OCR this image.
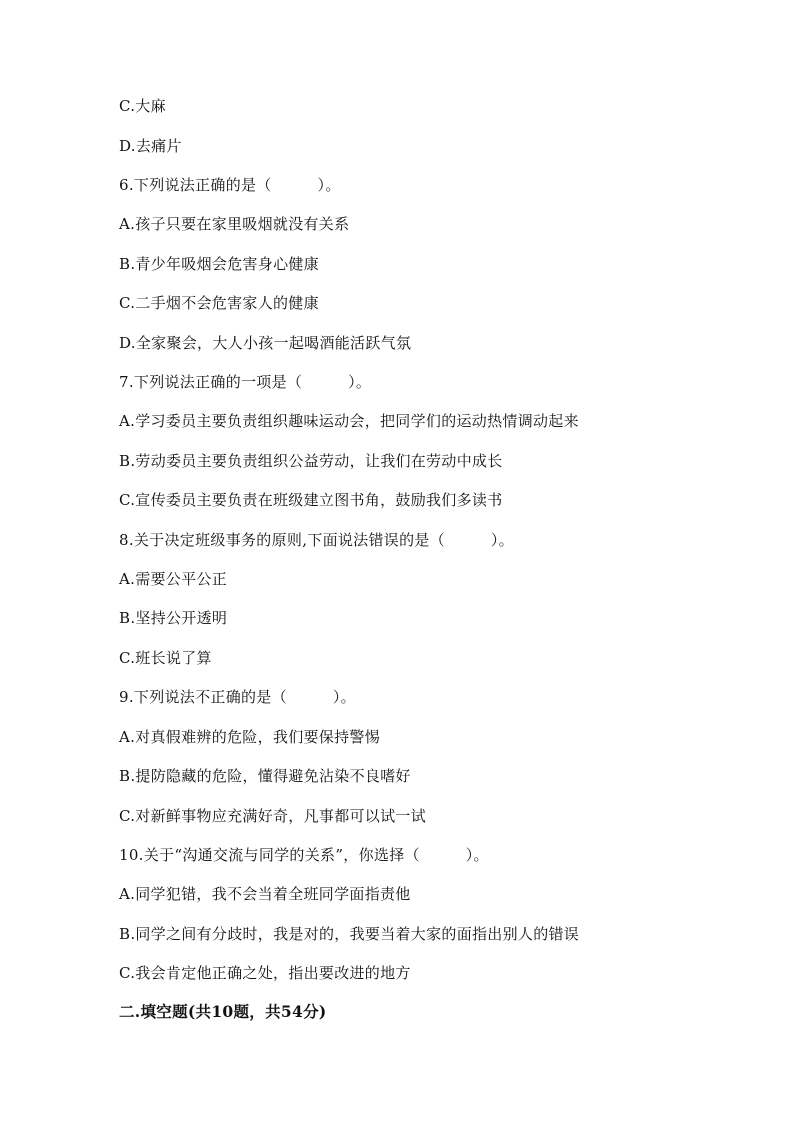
C.大麻
D.去痛片
6.下列说法正确的是（　　　）。
A.孩子只要在家里吸烟就没有关系
B.青少年吸烟会危害身心健康
C.二手烟不会危害家人的健康
D.全家聚会，大人小孩一起喝酒能活跃气氛
7.下列说法正确的一项是（　　　）。
A.学习委员主要负责组织趣味运动会，把同学们的运动热情调动起来
B.劳动委员主要负责组织公益劳动，让我们在劳动中成长
C.宣传委员主要负责在班级建立图书角，鼓励我们多读书
8.关于决定班级事务的原则,下面说法错误的是（　　　）。
A.需要公平公正
B.坚持公开透明
C.班长说了算
9.下列说法不正确的是（　　　）。
A.对真假难辨的危险，我们要保持警惕
B.提防隐藏的危险，懂得避免沾染不良嗜好
C.对新鲜事物应充满好奇，凡事都可以试一试
10.关于“沟通交流与同学的关系”，你选择（　　　）。
A.同学犯错，我不会当着全班同学面指责他
B.同学之间有分歧时，我是对的，我要当着大家的面指出别人的错误
C.我会肯定他正确之处，指出要改进的地方
二.填空题(共10题，共54分)
